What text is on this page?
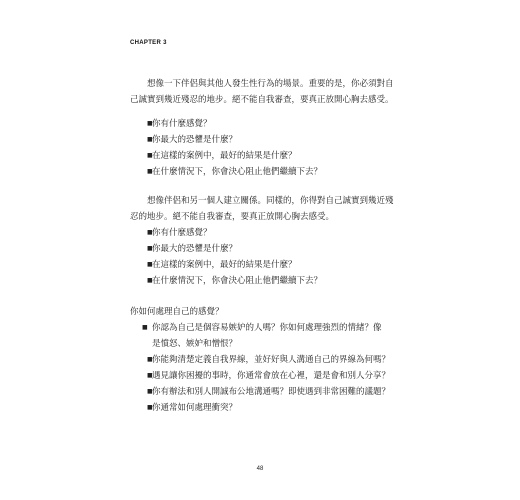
CHAPTER 3
想像一下伴侶與其他人發生性行為的場景。重要的是，你必須對自己誠實到幾近殘忍的地步。絕不能自我審查，要真正放開心胸去感受。
■你有什麼感覺？
■你最大的恐懼是什麼？
■在這樣的案例中，最好的結果是什麼？
■在什麼情況下，你會決心阻止他們繼續下去？
想像伴侶和另一個人建立關係。同樣的，你得對自己誠實到幾近殘忍的地步。絕不能自我審查，要真正放開心胸去感受。
■你有什麼感覺？
■你最大的恐懼是什麼？
■在這樣的案例中，最好的結果是什麼？
■在什麼情況下，你會決心阻止他們繼續下去？
你如何處理自己的感覺？
■ 你認為自己是個容易嫉妒的人嗎？你如何處理強烈的情緒？像是憤怒、嫉妒和憎恨？
■你能夠清楚定義自我界線，並好好與人溝通自己的界線為何嗎？
■遇見讓你困擾的事時，你通常會放在心裡，還是會和別人分享？
■你有辦法和別人開誠布公地溝通嗎？即使遇到非常困難的議題？
■你通常如何處理衝突？
48
